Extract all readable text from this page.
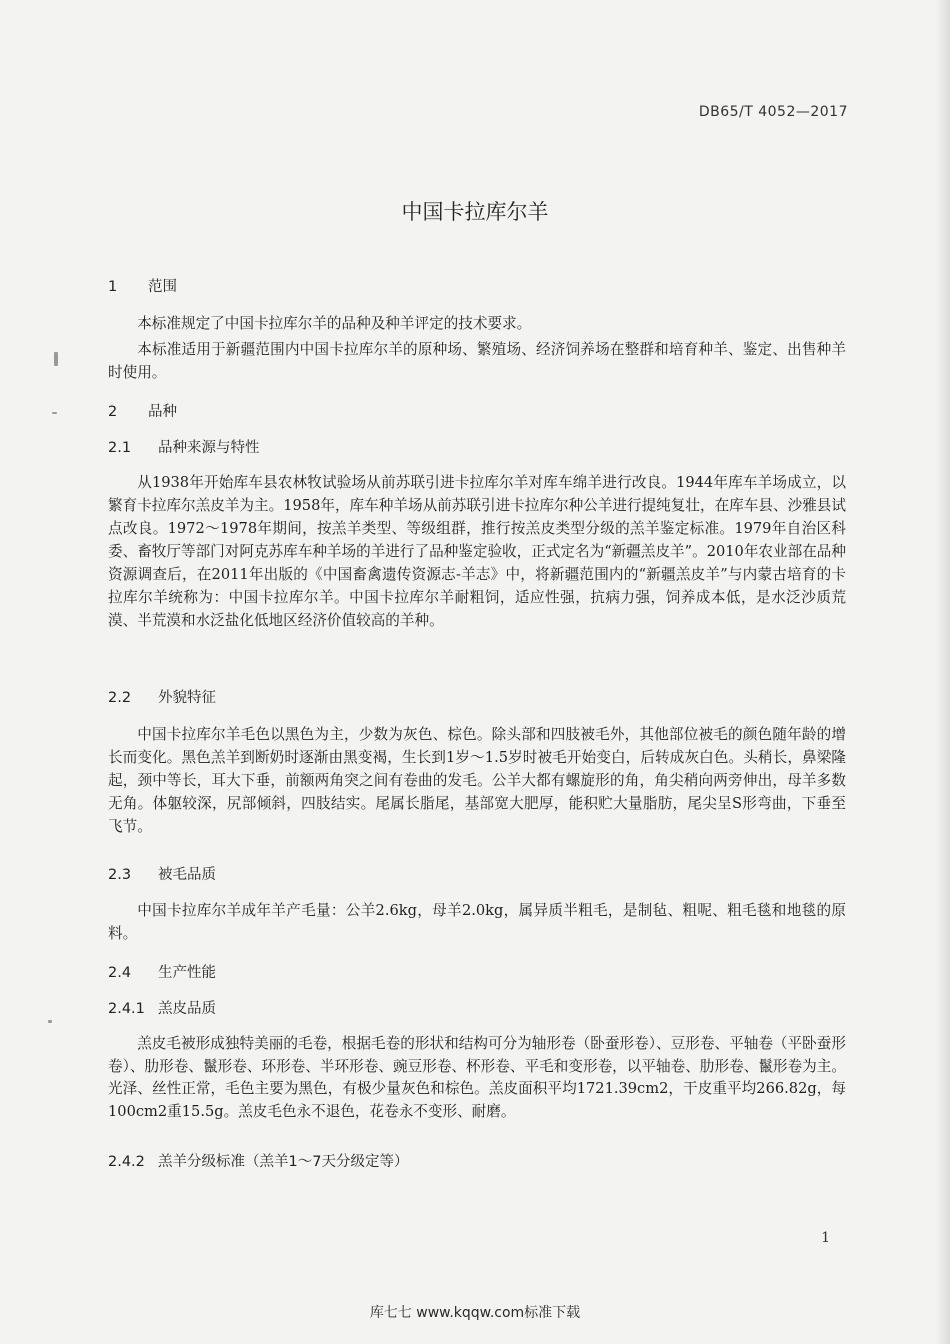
DB65/T 4052—2017
中国卡拉库尔羊
1 范围

本标准规定了中国卡拉库尔羊的品种及种羊评定的技术要求。

本标准适用于新疆范围内中国卡拉库尔羊的原种场、繁殖场、经济饲养场在整群和培育种羊、鉴定、出售种羊时使用。

2 品种
2.1 品种来源与特性

从1938年开始库车县农林牧试验场从前苏联引进卡拉库尔羊对库车绵羊进行改良。1944年库车羊场成立，以繁育卡拉库尔羔皮羊为主。1958年，库车种羊场从前苏联引进卡拉库尔种公羊进行提纯复壮，在库车县、沙雅县试点改良。1972～1978年期间，按羔羊类型、等级组群，推行按羔皮类型分级的羔羊鉴定标准。1979年自治区科委、畜牧厅等部门对阿克苏库车种羊场的羊进行了品种鉴定验收，正式定名为“新疆羔皮羊”。2010年农业部在品种资源调查后，在2011年出版的《中国畜禽遗传资源志-羊志》中，将新疆范围内的“新疆羔皮羊”与内蒙古培育的卡拉库尔羊统称为：中国卡拉库尔羊。中国卡拉库尔羊耐粗饲，适应性强，抗病力强，饲养成本低，是水泛沙质荒漠、半荒漠和水泛盐化低地区经济价值较高的羊种。

2.2 外貌特征

中国卡拉库尔羊毛色以黑色为主，少数为灰色、棕色。除头部和四肢被毛外，其他部位被毛的颜色随年龄的增长而变化。黑色羔羊到断奶时逐渐由黑变褐，生长到1岁～1.5岁时被毛开始变白，后转成灰白色。头稍长，鼻梁隆起，颈中等长，耳大下垂，前额两角突之间有卷曲的发毛。公羊大都有螺旋形的角，角尖稍向两旁伸出，母羊多数无角。体躯较深，尻部倾斜，四肢结实。尾属长脂尾，基部宽大肥厚，能积贮大量脂肪，尾尖呈S形弯曲，下垂至飞节。

2.3 被毛品质

中国卡拉库尔羊成年羊产毛量：公羊2.6kg，母羊2.0kg，属异质半粗毛，是制毡、粗呢、粗毛毯和地毯的原料。

2.4 生产性能
2.4.1 羔皮品质

羔皮毛被形成独特美丽的毛卷，根据毛卷的形状和结构可分为轴形卷（卧蚕形卷）、豆形卷、平轴卷（平卧蚕形卷）、肋形卷、鬣形卷、环形卷、半环形卷、豌豆形卷、杯形卷、平毛和变形卷，以平轴卷、肋形卷、鬣形卷为主。光泽、丝性正常，毛色主要为黑色，有极少量灰色和棕色。羔皮面积平均1721.39cm2，干皮重平均266.82g，每100cm2重15.5g。羔皮毛色永不退色，花卷永不变形、耐磨。

2.4.2 羔羊分级标准（羔羊1～7天分级定等）
1
库七七 www.kqqw.com标准下载
